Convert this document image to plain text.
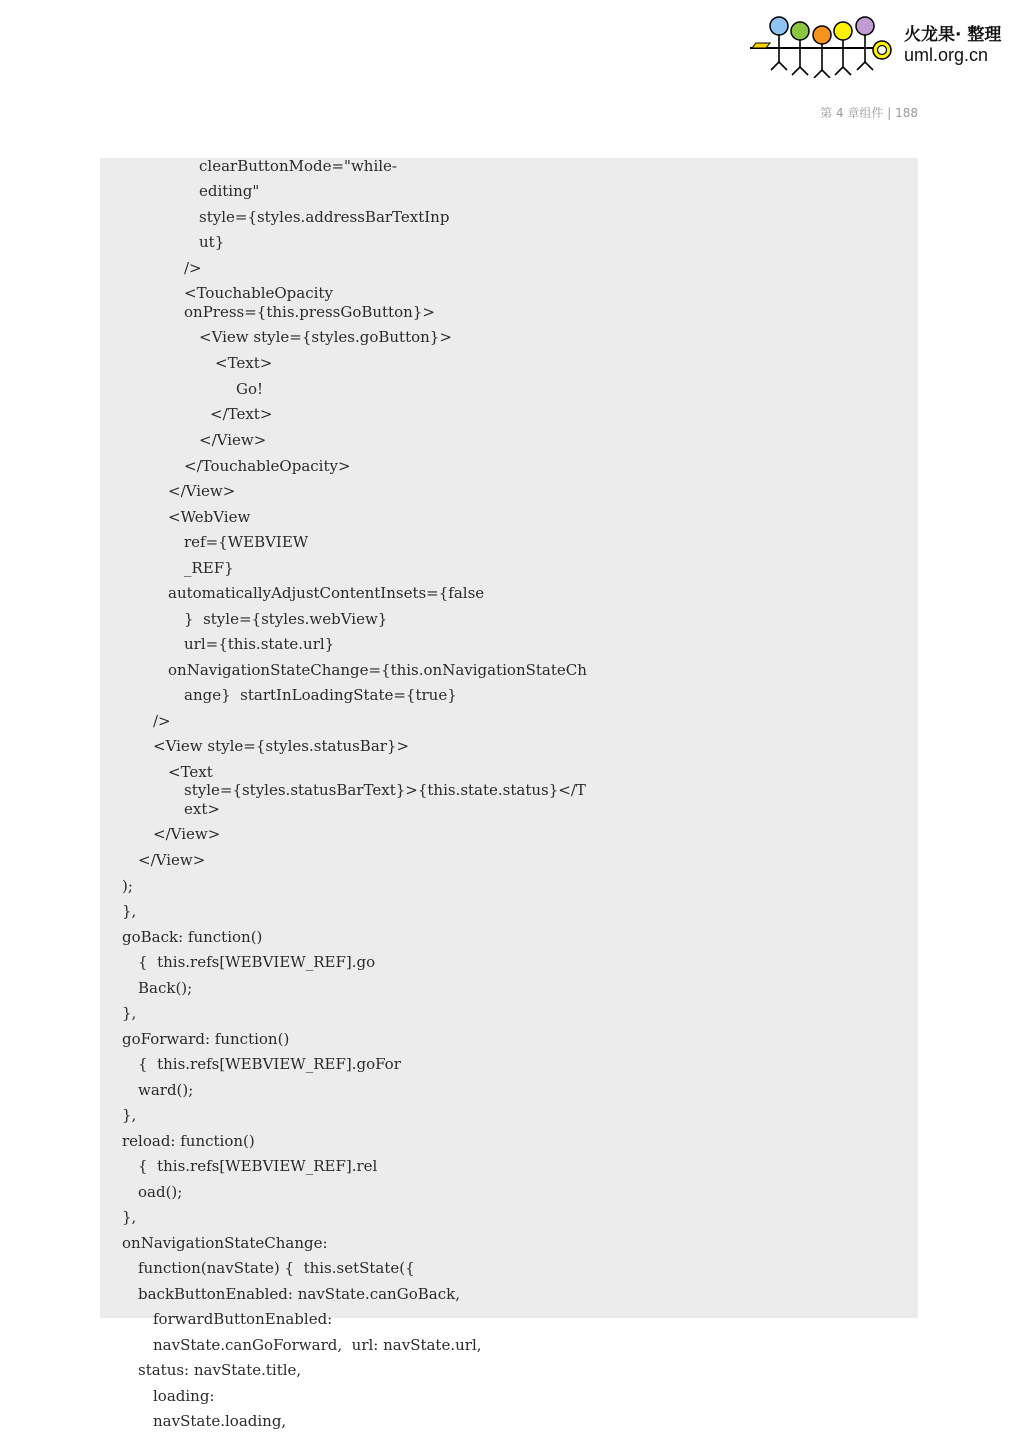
火龙果· 整理
uml.org.cn
第 4 章组件 | 188
clearButtonMode="while-
editing"
style={styles.addressBarTextInp
ut}
/>
<TouchableOpacity
onPress={this.pressGoButton}>
<View style={styles.goButton}>
<Text>
Go!
</Text>
</View>
</TouchableOpacity>
</View>
<WebView
ref={WEBVIEW
_REF}
automaticallyAdjustContentInsets={false
}  style={styles.webView}
url={this.state.url}
onNavigationStateChange={this.onNavigationStateCh
ange}  startInLoadingState={true}
/>
<View style={styles.statusBar}>
<Text
style={styles.statusBarText}>{this.state.status}</T
ext>
</View>
</View>
);
},
goBack: function()
{  this.refs[WEBVIEW_REF].go
Back();
},
goForward: function()
{  this.refs[WEBVIEW_REF].goFor
ward();
},
reload: function()
{  this.refs[WEBVIEW_REF].rel
oad();
},
onNavigationStateChange:
function(navState) {  this.setState({
backButtonEnabled: navState.canGoBack,
forwardButtonEnabled:
navState.canGoForward,  url: navState.url,
status: navState.title,
loading:
navState.loading,
